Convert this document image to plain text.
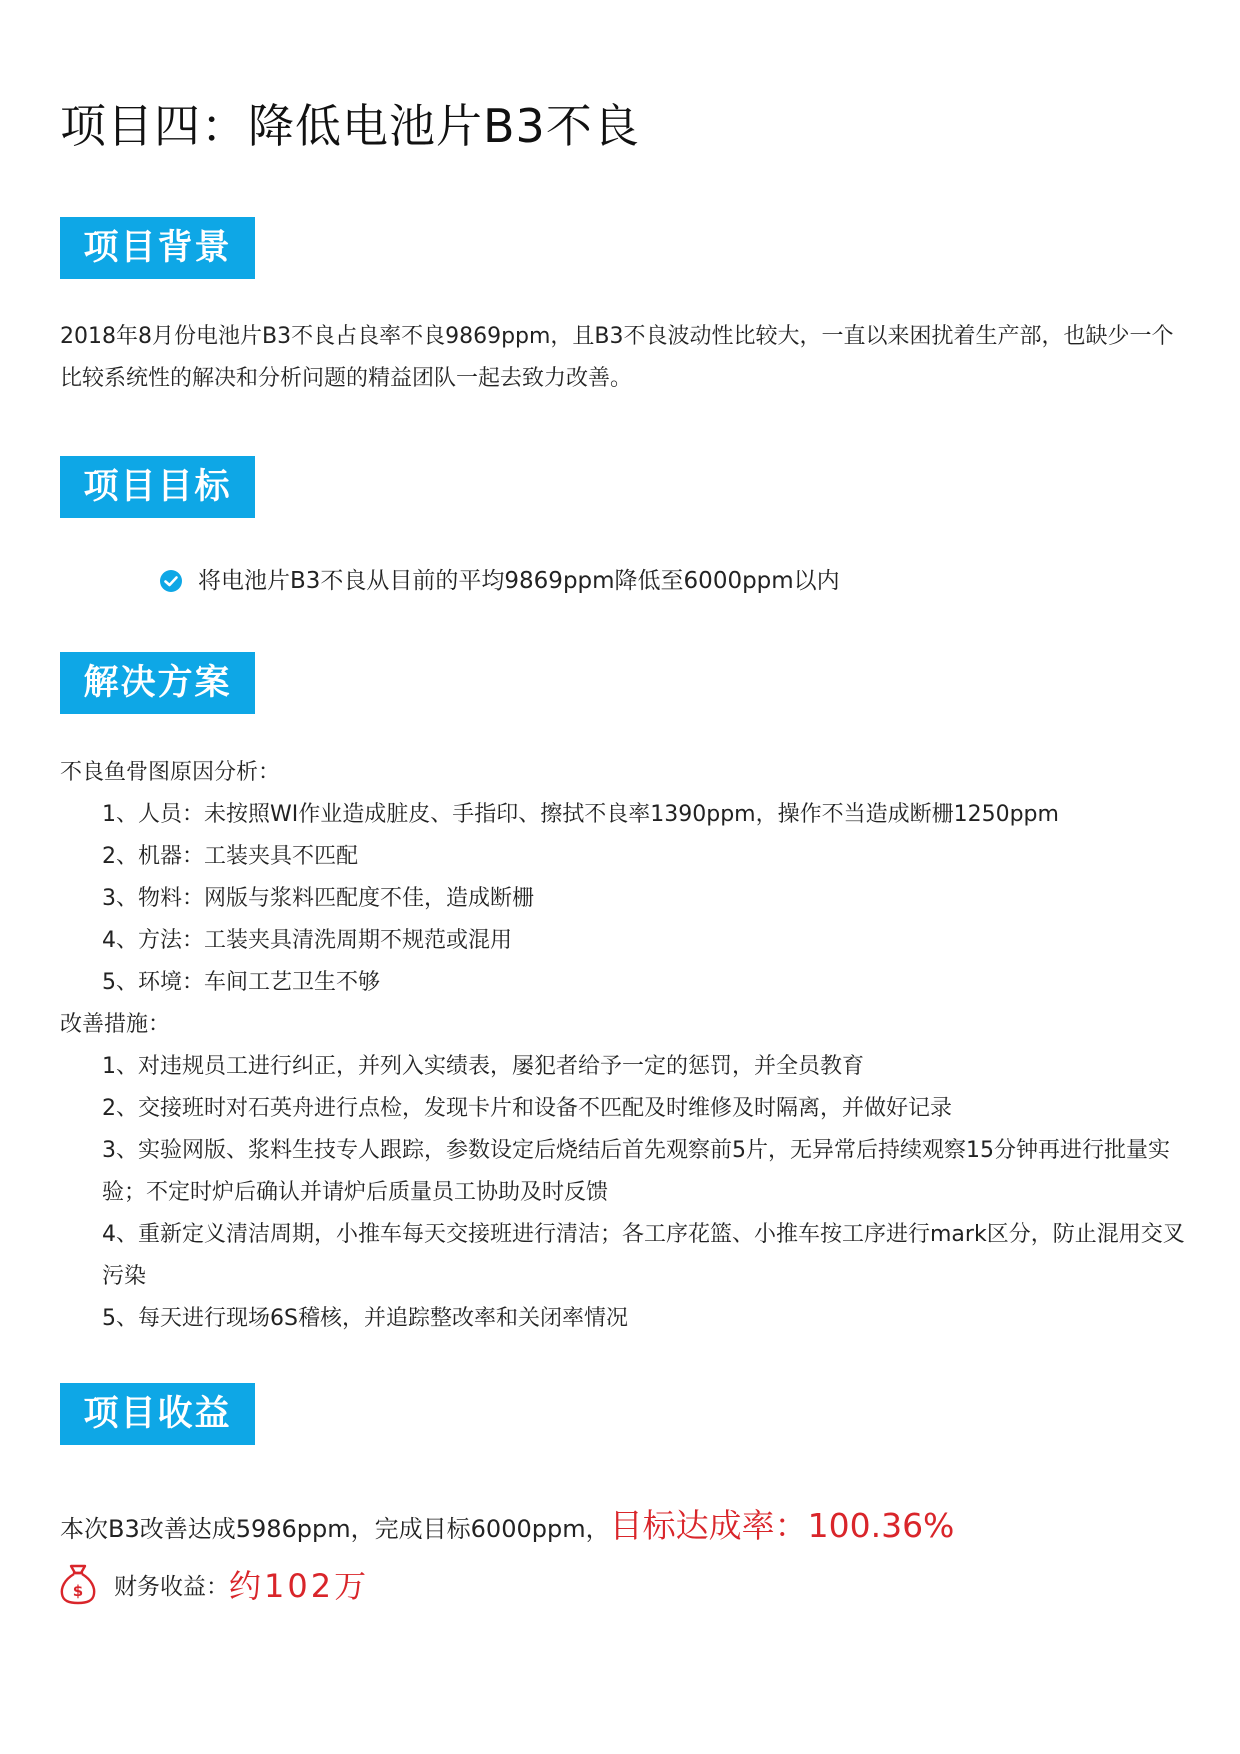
项目四：降低电池片B3不良
项目背景
2018年8月份电池片B3不良占良率不良9869ppm，且B3不良波动性比较大，一直以来困扰着生产部，也缺少一个比较系统性的解决和分析问题的精益团队一起去致力改善。
项目目标
将电池片B3不良从目前的平均9869ppm降低至6000ppm以内
解决方案
不良鱼骨图原因分析：
1、人员：未按照WI作业造成脏皮、手指印、擦拭不良率1390ppm，操作不当造成断栅1250ppm
2、机器：工装夹具不匹配
3、物料：网版与浆料匹配度不佳，造成断栅
4、方法：工装夹具清洗周期不规范或混用
5、环境：车间工艺卫生不够
改善措施：
1、对违规员工进行纠正，并列入实绩表，屡犯者给予一定的惩罚，并全员教育
2、交接班时对石英舟进行点检，发现卡片和设备不匹配及时维修及时隔离，并做好记录
3、实验网版、浆料生技专人跟踪，参数设定后烧结后首先观察前5片，无异常后持续观察15分钟再进行批量实验；不定时炉后确认并请炉后质量员工协助及时反馈
4、重新定义清洁周期，小推车每天交接班进行清洁；各工序花篮、小推车按工序进行mark区分，防止混用交叉污染
5、每天进行现场6S稽核，并追踪整改率和关闭率情况
项目收益
本次B3改善达成5986ppm，完成目标6000ppm， 目标达成率：100.36%
$ 财务收益： 约102万
